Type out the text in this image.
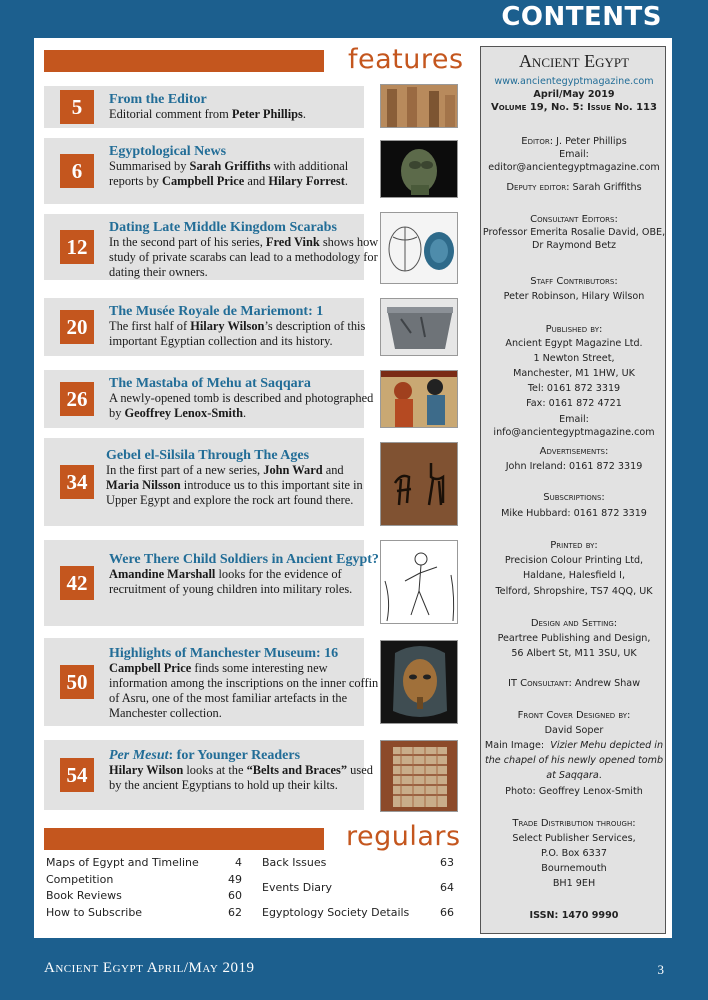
CONTENTS
features
5	From the Editor
Editorial comment from Peter Phillips.
6
Egyptological News
Summarised by Sarah Griffiths with additional reports by Campbell Price and Hilary Forrest.
12
Dating Late Middle Kingdom Scarabs
In the second part of his series, Fred Vink shows how study of private scarabs can lead to a methodology for dating their owners.
20
The Musée Royale de Mariemont: 1
The first half of Hilary Wilson’s description of this important Egyptian collection and its history.
26
The Mastaba of Mehu at Saqqara
A newly-opened tomb is described and photographed by Geoffrey Lenox-Smith.
34
Gebel el-Silsila Through The Ages
In the first part of a new series, John Ward and Maria Nilsson introduce us to this important site in Upper Egypt and explore the rock art found there.
42
Were There Child Soldiers in Ancient Egypt?
Amandine Marshall looks for the evidence of recruitment of young children into military roles.
50
Highlights of Manchester Museum: 16
Campbell Price finds some interesting new information among the inscriptions on the inner coffin of Asru, one of the most familiar artefacts in the Manchester collection.
54
Per Mesut: for Younger Readers
Hilary Wilson looks at the “Belts and Braces” used by the ancient Egyptians to hold up their kilts.
regulars
Maps of Egypt and Timeline	4
Competition	49
Book Reviews	60
How to Subscribe	62
Back Issues	63
Events Diary	64
Egyptology Society Details	66
Ancient Egypt
www.ancientegyptmagazine.com
April/May 2019
Volume 19, No. 5: Issue No. 113
Editor: J. Peter Phillips
Email: editor@ancientegyptmagazine.com
Deputy editor: Sarah Griffiths
Consultant Editors:
Professor Emerita Rosalie David, OBE,
Dr Raymond Betz
Staff Contributors:
Peter Robinson, Hilary Wilson
Published by:
Ancient Egypt Magazine Ltd.
1 Newton Street,
Manchester, M1 1HW, UK
Tel: 0161 872 3319
Fax: 0161 872 4721
Email: info@ancientegyptmagazine.com
Advertisements:
John Ireland: 0161 872 3319
Subscriptions:
Mike Hubbard: 0161 872 3319
Printed by:
Precision Colour Printing Ltd,
Haldane, Halesfield I,
Telford, Shropshire, TS7 4QQ, UK
Design and Setting:
Peartree Publishing and Design,
56 Albert St, M11 3SU, UK
IT Consultant: Andrew Shaw
Front Cover Designed by:
David Soper
Main Image: Vizier Mehu depicted in
the chapel of his newly opened tomb
at Saqqara.
Photo: Geoffrey Lenox-Smith
Trade Distribution through:
Select Publisher Services,
P.O. Box 6337
Bournemouth
BH1 9EH
ISSN: 1470 9990
Ancient Egypt April/May 2019	3
